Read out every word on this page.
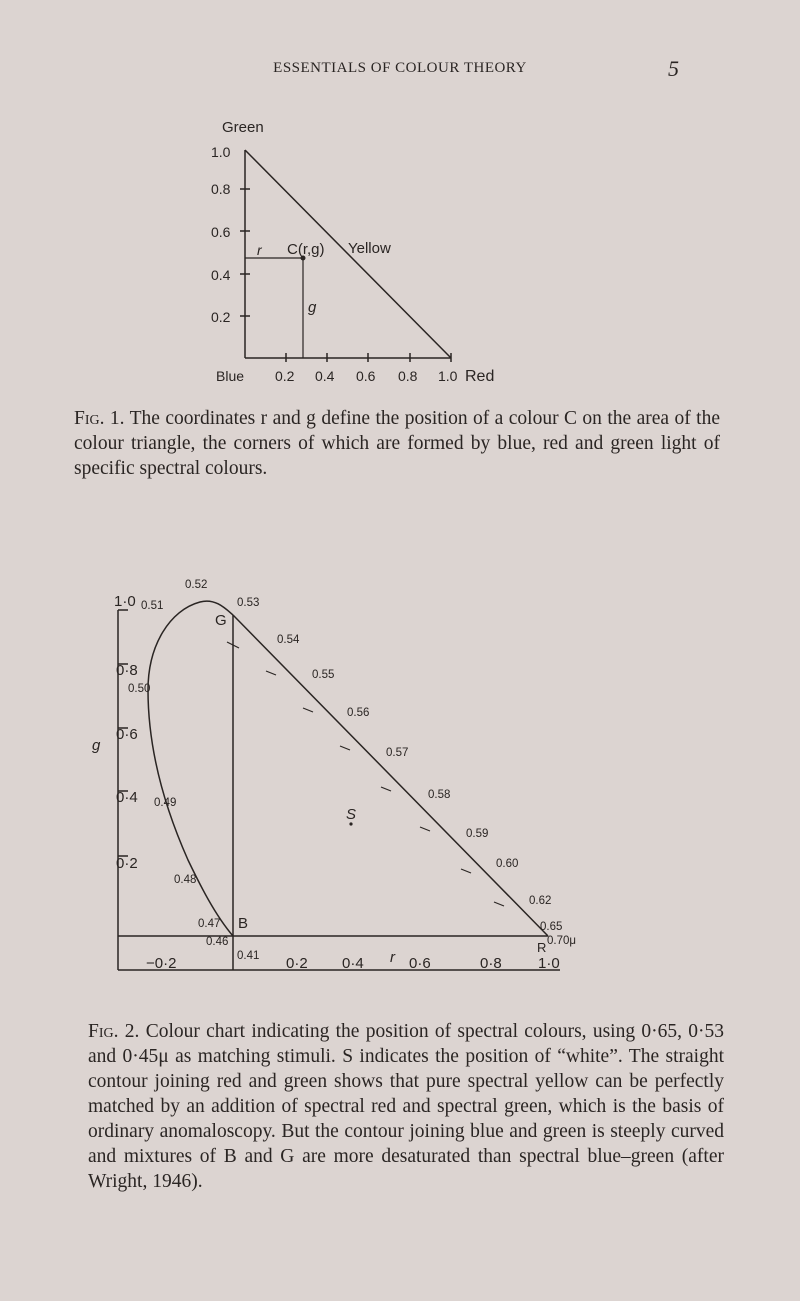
ESSENTIALS OF COLOUR THEORY	5
Green
1.0
0.8
0.6
0.4
0.2
Blue 0.2 0.4 0.6 0.8 1.0 Red
r C(r,g) Yellow
g
Fig. 1. The coordinates r and g define the position of a colour C on the area of the colour triangle, the corners of which are formed by blue, red and green light of specific spectral colours.
1·0
0·8
0·6
0·4
0·2
g
−0·2	0·2 0·4 r 0·6	0·8 1·0
G
B
R
S
0.52
0.51	0.53
0.54
0.55
0.56
0.57
0.58
0.59
0.60
0.62
0.65
0.70μ
0.50
0.49
0.48
0.47
0.46
0.41
Fig. 2. Colour chart indicating the position of spectral colours, using 0·65, 0·53 and 0·45μ as matching stimuli. S indicates the position of “white”. The straight contour joining red and green shows that pure spectral yellow can be perfectly matched by an addition of spectral red and spectral green, which is the basis of ordinary anomaloscopy. But the contour joining blue and green is steeply curved and mixtures of B and G are more desaturated than spectral blue–green (after Wright, 1946).
